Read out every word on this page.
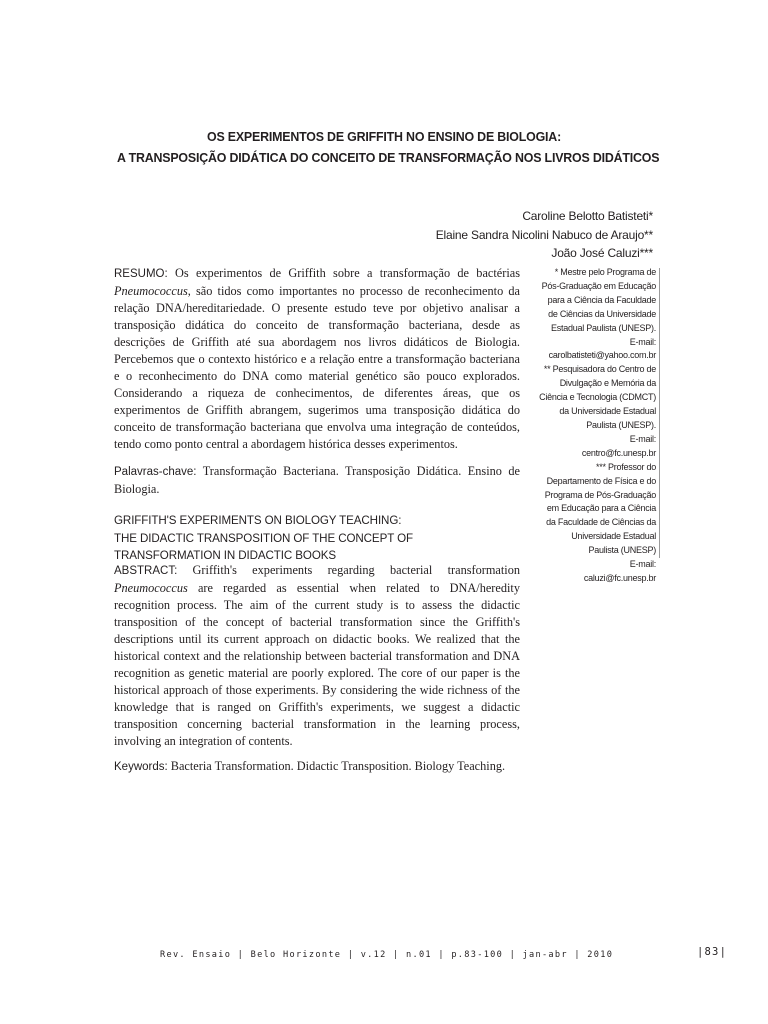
OS EXPERIMENTOS DE GRIFFITH NO ENSINO DE BIOLOGIA:
A TRANSPOSIÇÃO DIDÁTICA DO CONCEITO DE TRANSFORMAÇÃO NOS LIVROS DIDÁTICOS
Caroline Belotto Batisteti*
Elaine Sandra Nicolini Nabuco de Araujo**
João José Caluzi***
* Mestre pelo Programa de
Pós-Graduação em Educação
para a Ciência da Faculdade
de Ciências da Universidade
Estadual Paulista (UNESP).
E-mail:
carolbatisteti@yahoo.com.br
** Pesquisadora do Centro de
Divulgação e Memória da
Ciência e Tecnologia (CDMCT)
da Universidade Estadual
Paulista (UNESP).
E-mail:
centro@fc.unesp.br
*** Professor do
Departamento de Física e do
Programa de Pós-Graduação
em Educação para a Ciência
da Faculdade de Ciências da
Universidade Estadual
Paulista (UNESP)
E-mail:
caluzi@fc.unesp.br

RESUMO: Os experimentos de Griffith sobre a transformação de bactérias Pneumococcus, são tidos como importantes no processo de reconhecimento da relação DNA/hereditariedade. O presente estudo teve por objetivo analisar a transposição didática do conceito de transformação bacteriana, desde as descrições de Griffith até sua abordagem nos livros didáticos de Biologia. Percebemos que o contexto histórico e a relação entre a transformação bacteriana e o reconhecimento do DNA como material genético são pouco explorados. Considerando a riqueza de conhecimentos, de diferentes áreas, que os experimentos de Griffith abrangem, sugerimos uma transposição didática do conceito de transformação bacteriana que envolva uma integração de conteúdos, tendo como ponto central a abordagem histórica desses experimentos.

Palavras-chave: Transformação Bacteriana. Transposição Didática. Ensino de Biologia.

GRIFFITH'S EXPERIMENTS ON BIOLOGY TEACHING:
THE DIDACTIC TRANSPOSITION OF THE CONCEPT OF
TRANSFORMATION IN DIDACTIC BOOKS

ABSTRACT: Griffith's experiments regarding bacterial transformation Pneumococcus are regarded as essential when related to DNA/heredity recognition process. The aim of the current study is to assess the didactic transposition of the concept of bacterial transformation since the Griffith's descriptions until its current approach on didactic books. We realized that the historical context and the relationship between bacterial transformation and DNA recognition as genetic material are poorly explored. The core of our paper is the historical approach of those experiments. By considering the wide richness of the knowledge that is ranged on Griffith's experiments, we suggest a didactic transposition concerning bacterial transformation in the learning process, involving an integration of contents.

Keywords: Bacteria Transformation. Didactic Transposition. Biology Teaching.

Rev. Ensaio | Belo Horizonte | v.12 | n.01 | p.83-100 | jan-abr | 2010	|83|
